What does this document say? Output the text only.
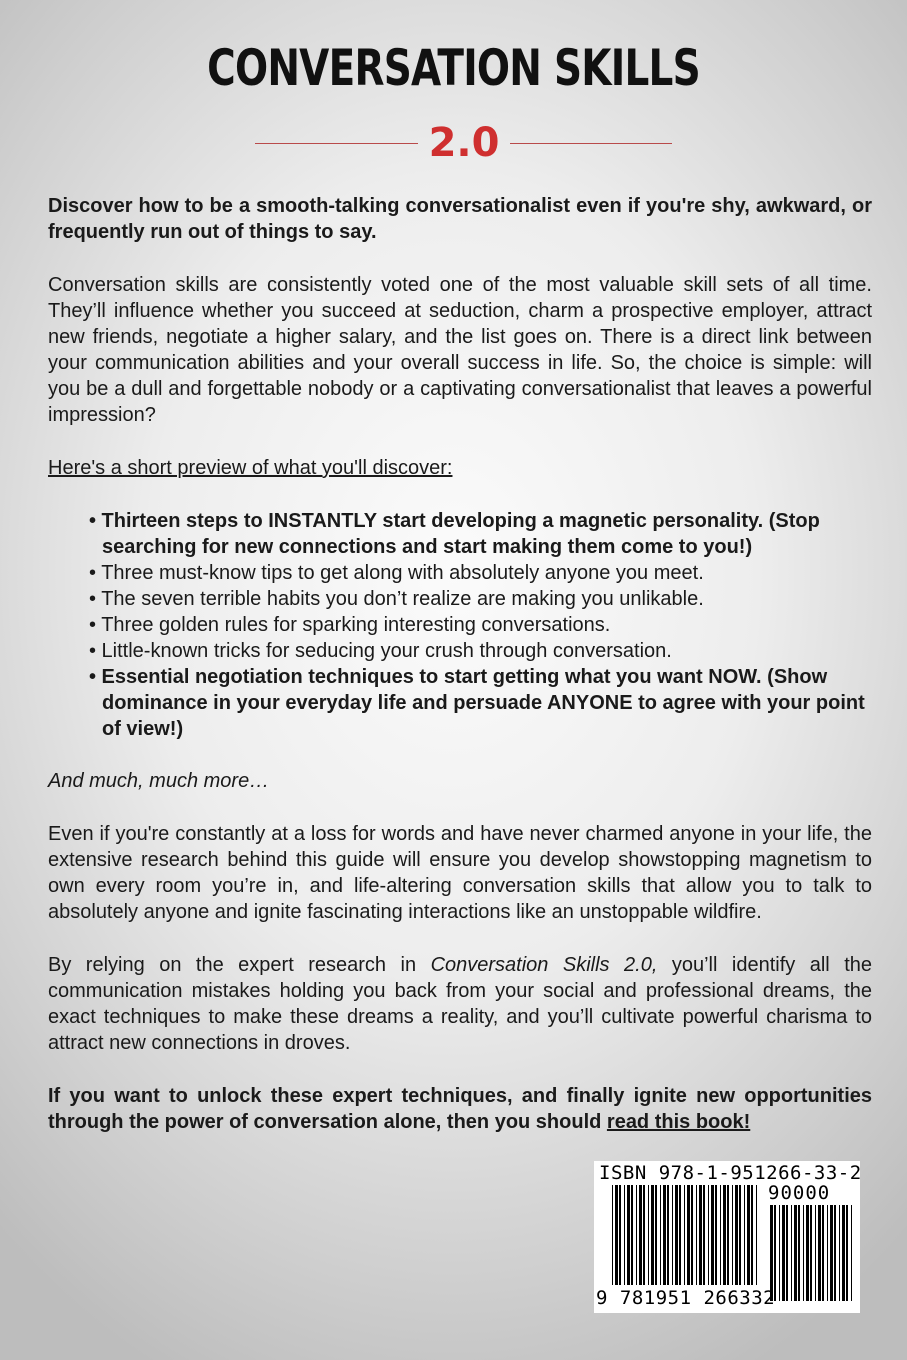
CONVERSATION SKILLS
2.0

Discover how to be a smooth-talking conversationalist even if you're shy, awkward, or frequently run out of things to say.

Conversation skills are consistently voted one of the most valuable skill sets of all time. They’ll influence whether you succeed at seduction, charm a prospective employer, attract new friends, negotiate a higher salary, and the list goes on. There is a direct link between your communication abilities and your overall success in life. So, the choice is simple: will you be a dull and forgettable nobody or a captivating conversationalist that leaves a powerful impression?

Here's a short preview of what you'll discover:

• Thirteen steps to INSTANTLY start developing a magnetic personality. (Stop searching for new connections and start making them come to you!)
• Three must-know tips to get along with absolutely anyone you meet.
• The seven terrible habits you don’t realize are making you unlikable.
• Three golden rules for sparking interesting conversations.
• Little-known tricks for seducing your crush through conversation.
• Essential negotiation techniques to start getting what you want NOW. (Show dominance in your everyday life and persuade ANYONE to agree with your point of view!)

And much, much more…

Even if you're constantly at a loss for words and have never charmed anyone in your life, the extensive research behind this guide will ensure you develop showstopping magnetism to own every room you’re in, and life-altering conversation skills that allow you to talk to absolutely anyone and ignite fascinating interactions like an unstoppable wildfire.

By relying on the expert research in Conversation Skills 2.0, you’ll identify all the communication mistakes holding you back from your social and professional dreams, the exact techniques to make these dreams a reality, and you’ll cultivate powerful charisma to attract new connections in droves.

If you want to unlock these expert techniques, and finally ignite new opportunities through the power of conversation alone, then you should read this book!

ISBN 978-1-951266-33-2
90000
9 781951 266332
